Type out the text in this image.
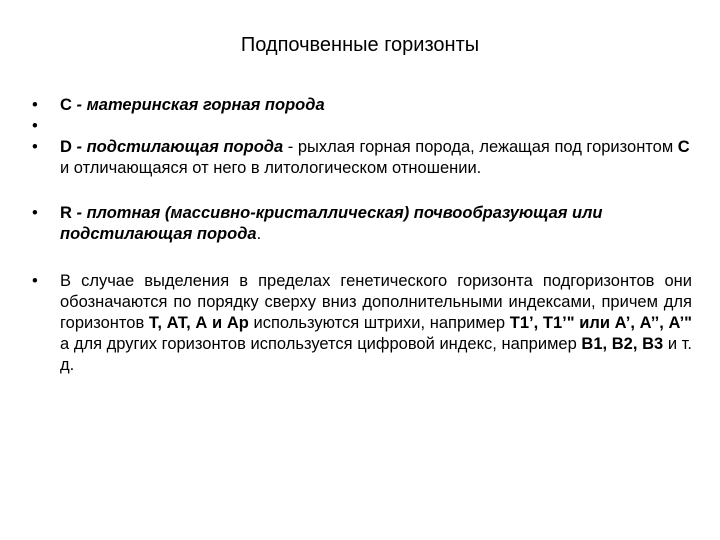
Подпочвенные горизонты
• C - материнская горная порода
•
• D - подстилающая порода - рыхлая горная порода, лежащая под горизонтом С и отличающаяся от него в литологическом отношении.
• R - плотная (массивно-кристаллическая) почвообразующая или подстилающая порода.
• В случае выделения в пределах генетического горизонта подгоризонтов они обозначаются по порядку сверху вниз дополнительными индексами, причем для горизонтов Т, АТ, А и Ар используются штрихи, например Т1’, Т1’" или А’, А’’, А’" а для других горизонтов используется цифровой индекс, например В1, В2, В3 и т. д.
